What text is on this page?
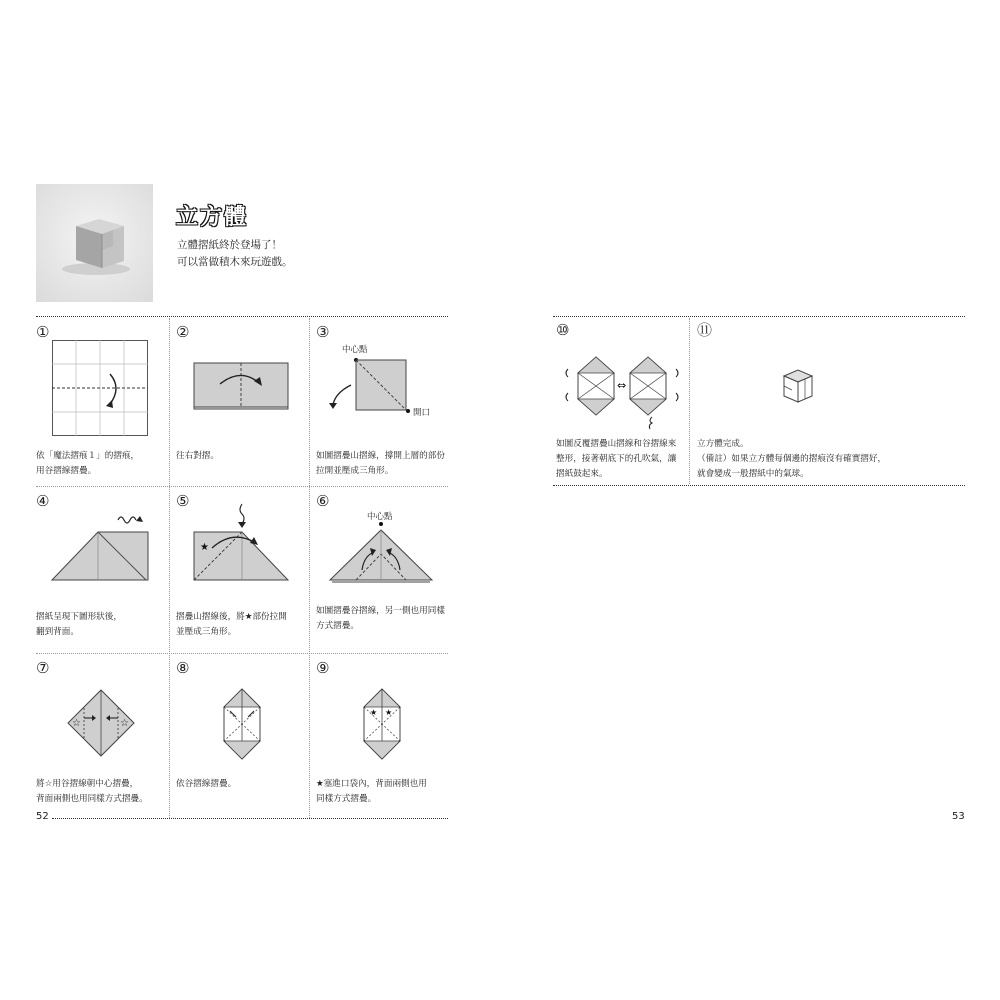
立方體
立體摺紙終於登場了！
可以當做積木來玩遊戲。
52	53
①
依「魔法摺痕１」的摺痕，
用谷摺線摺疊。
②
往右對摺。
③
中心點
開口
如圖摺疊山摺線，撐開上層的部份
拉開並壓成三角形。
④
摺紙呈現下圖形狀後，
翻到背面。
⑤
★
摺疊山摺線後，將★部份拉開
並壓成三角形。
⑥
中心點
如圖摺疊谷摺線，另一側也用同樣
方式摺疊。
⑦
☆	☆
將☆用谷摺線朝中心摺疊，
背面兩側也用同樣方式摺疊。
⑧
依谷摺線摺疊。
⑨
★ ★
★塞進口袋內，背面兩側也用
同樣方式摺疊。
⑩
⇔
如圖反覆摺疊山摺線和谷摺線來
整形，接著朝底下的孔吹氣，讓
摺紙鼓起來。
⑪
立方體完成。
（備註）如果立方體每個邊的摺痕沒有確實摺好，
就會變成一般摺紙中的氣球。
